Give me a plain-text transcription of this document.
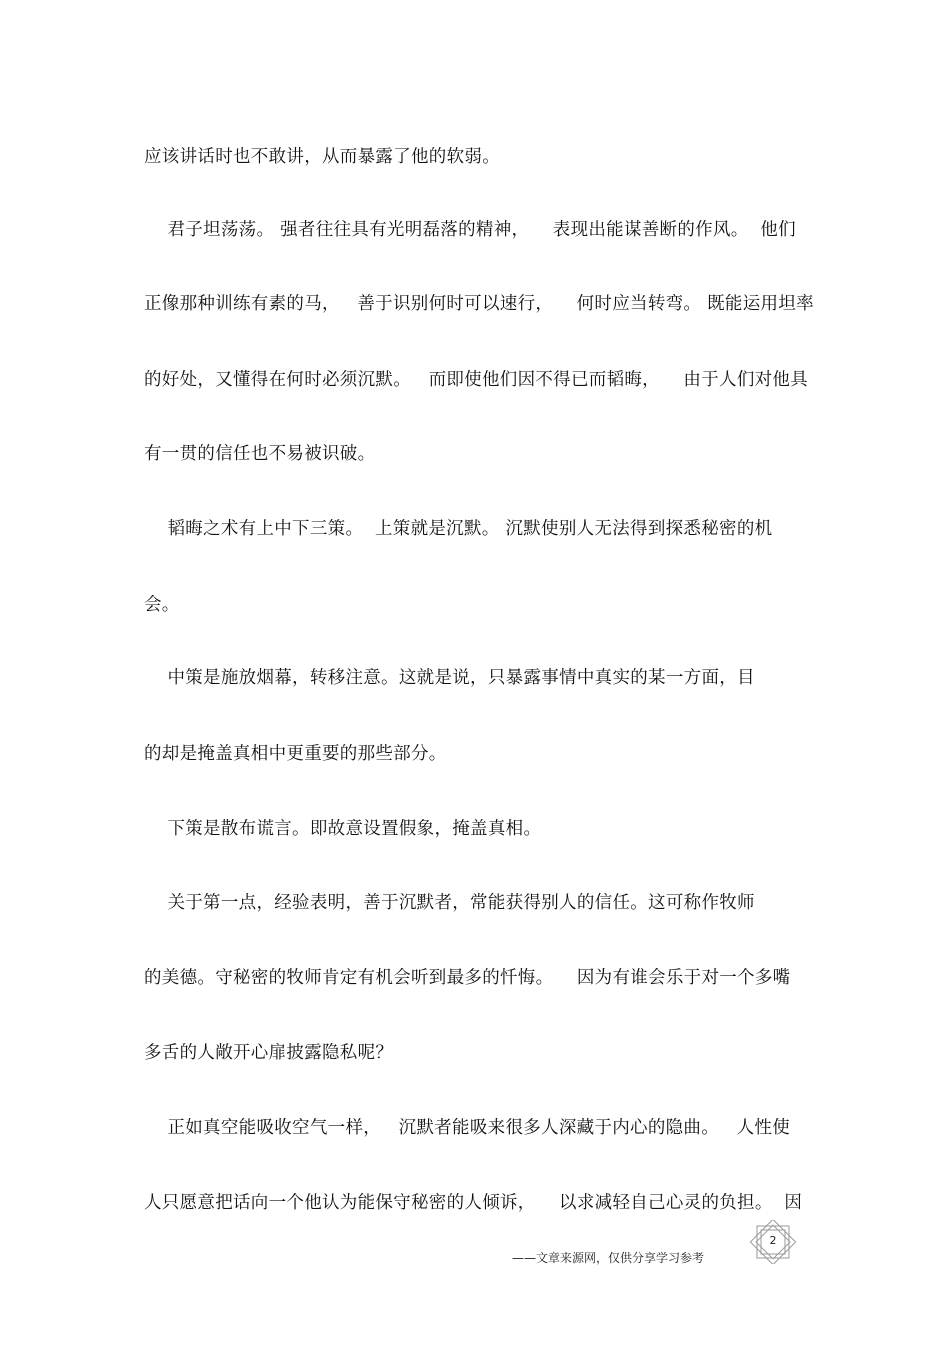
应该讲话时也不敢讲，从而暴露了他的软弱。
君子坦荡荡。 强者往往具有光明磊落的精神，    表现出能谋善断的作风。  他们
正像那种训练有素的马，   善于识别何时可以速行，    何时应当转弯。 既能运用坦率
的好处，又懂得在何时必须沉默。   而即使他们因不得已而韬晦，    由于人们对他具
有一贯的信任也不易被识破。
韬晦之术有上中下三策。  上策就是沉默。 沉默使别人无法得到探悉秘密的机
会。
中策是施放烟幕，转移注意。这就是说，只暴露事情中真实的某一方面，目
的却是掩盖真相中更重要的那些部分。
下策是散布谎言。即故意设置假象，掩盖真相。
关于第一点，经验表明，善于沉默者，常能获得别人的信任。这可称作牧师
的美德。守秘密的牧师肯定有机会听到最多的忏悔。    因为有谁会乐于对一个多嘴
多舌的人敞开心扉披露隐私呢？
正如真空能吸收空气一样，   沉默者能吸来很多人深藏于内心的隐曲。   人性使
人只愿意把话向一个他认为能保守秘密的人倾诉，    以求减轻自己心灵的负担。  因
——文章来源网，仅供分享学习参考
2
